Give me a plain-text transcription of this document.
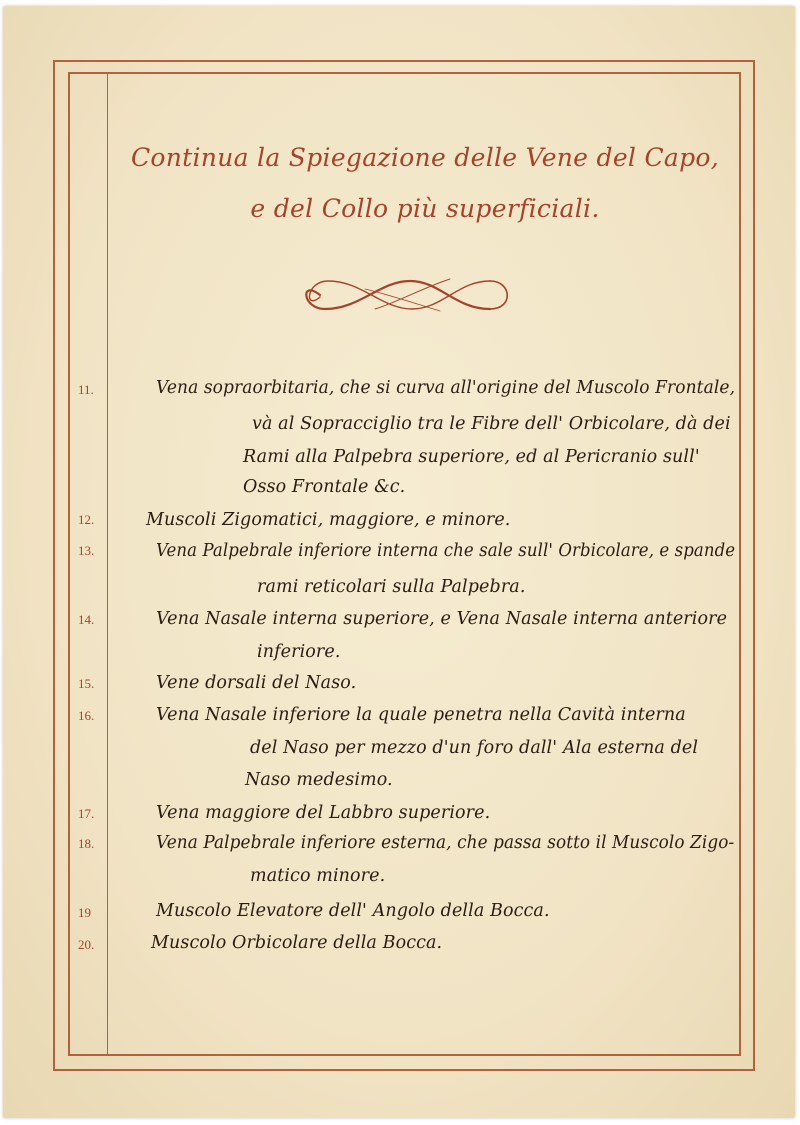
Continua la Spiegazione delle Vene del Capo,
e del Collo più superficiali.
11.	Vena sopraorbitaria, che si curva all'origine del Muscolo Frontale,
và al Sopracciglio tra le Fibre dell' Orbicolare, dà dei
Rami alla Palpebra superiore, ed al Pericranio sull'
Osso Frontale &c.
12.	Muscoli Zigomatici, maggiore, e minore.
13.	Vena Palpebrale inferiore interna che sale sull' Orbicolare, e spande
rami reticolari sulla Palpebra.
14.	Vena Nasale interna superiore, e Vena Nasale interna anteriore
inferiore.
15.	Vene dorsali del Naso.
16.	Vena Nasale inferiore la quale penetra nella Cavità interna
del Naso per mezzo d'un foro dall' Ala esterna del
Naso medesimo.
17.	Vena maggiore del Labbro superiore.
18.	Vena Palpebrale inferiore esterna, che passa sotto il Muscolo Zigo-
matico minore.
19	Muscolo Elevatore dell' Angolo della Bocca.
20.	Muscolo Orbicolare della Bocca.
